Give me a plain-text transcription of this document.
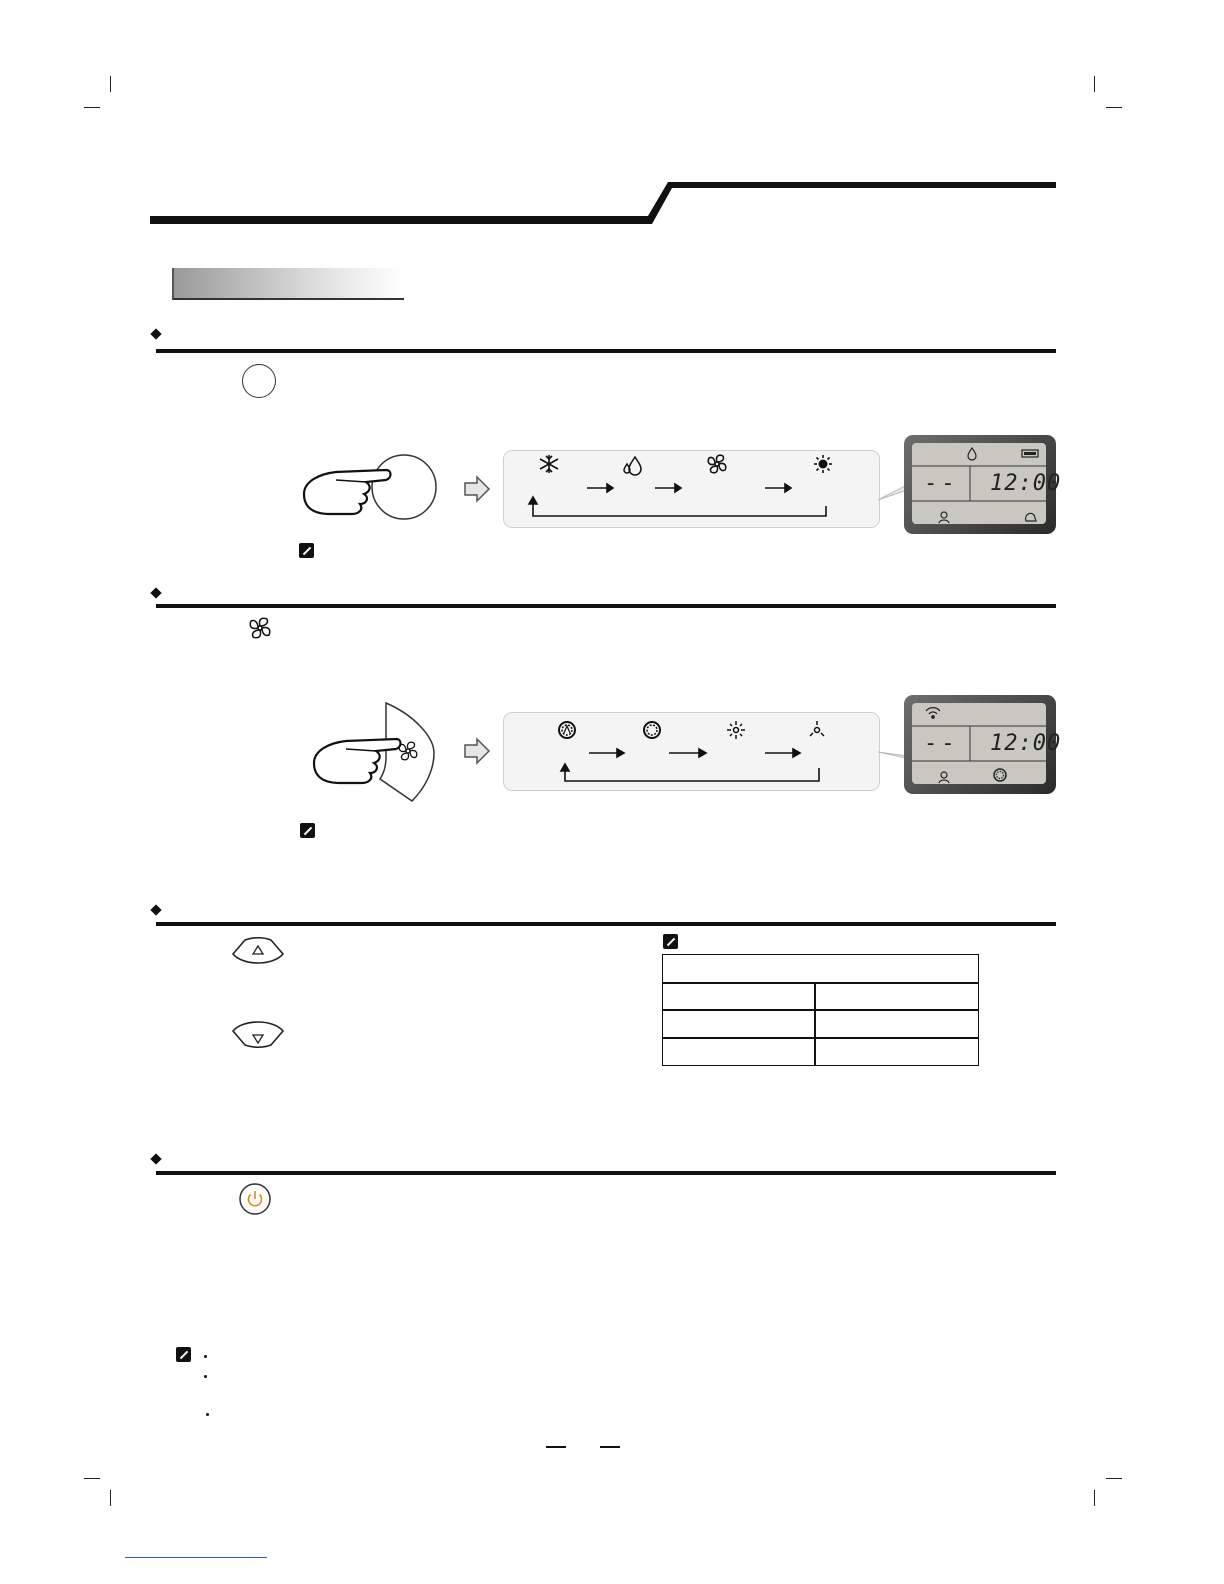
-- 12:00
-- 12:00
